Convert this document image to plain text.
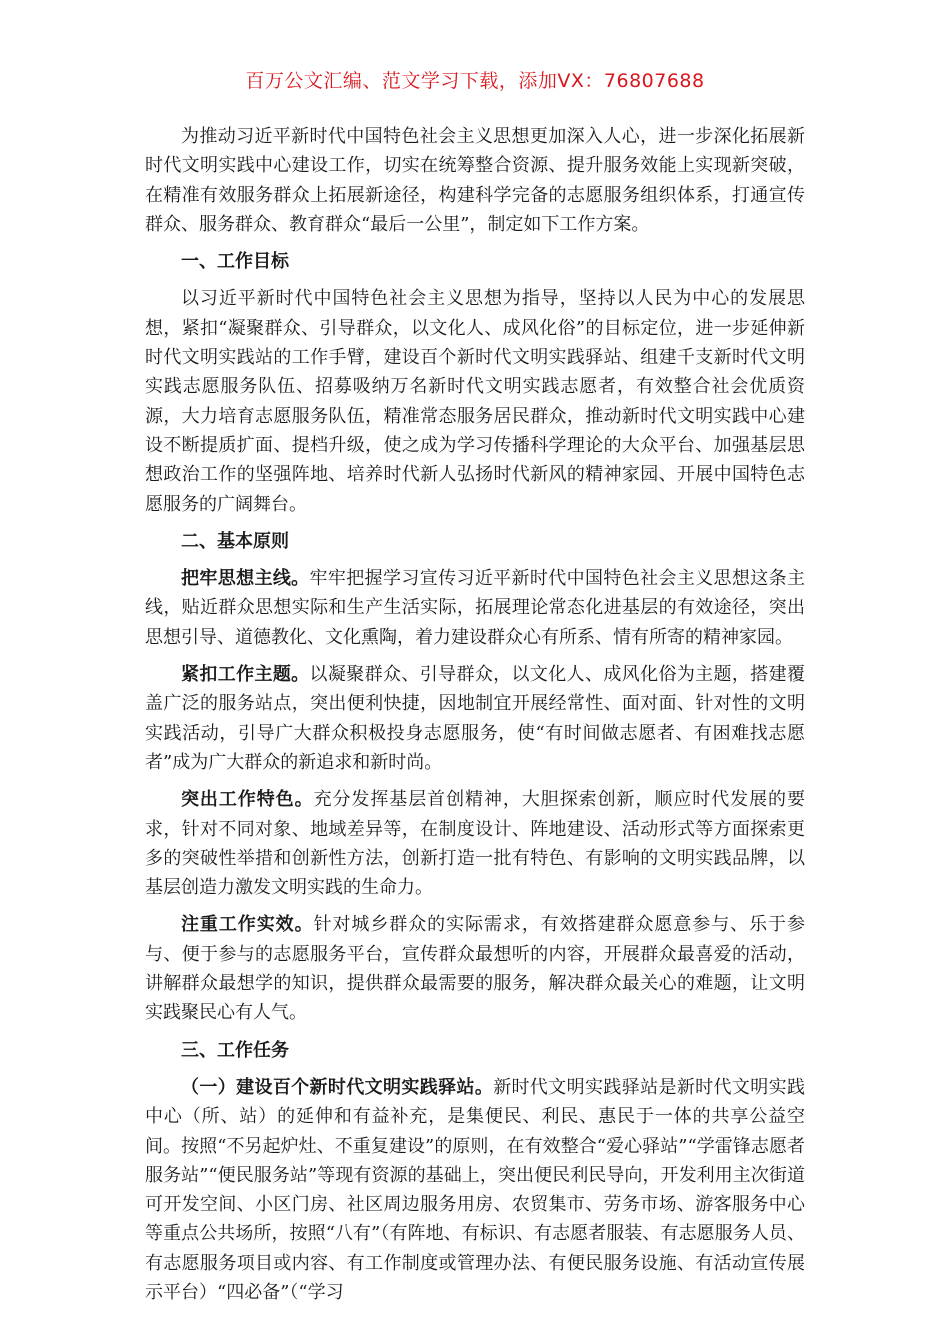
百万公文汇编、范文学习下载，添加VX：76807688

为推动习近平新时代中国特色社会主义思想更加深入人心，进一步深化拓展新时代文明实践中心建设工作，切实在统筹整合资源、提升服务效能上实现新突破，在精准有效服务群众上拓展新途径，构建科学完备的志愿服务组织体系，打通宣传群众、服务群众、教育群众“最后一公里”，制定如下工作方案。

一、工作目标

以习近平新时代中国特色社会主义思想为指导，坚持以人民为中心的发展思想，紧扣“凝聚群众、引导群众，以文化人、成风化俗”的目标定位，进一步延伸新时代文明实践站的工作手臂，建设百个新时代文明实践驿站、组建千支新时代文明实践志愿服务队伍、招募吸纳万名新时代文明实践志愿者，有效整合社会优质资源，大力培育志愿服务队伍，精准常态服务居民群众，推动新时代文明实践中心建设不断提质扩面、提档升级，使之成为学习传播科学理论的大众平台、加强基层思想政治工作的坚强阵地、培养时代新人弘扬时代新风的精神家园、开展中国特色志愿服务的广阔舞台。

二、基本原则

把牢思想主线。牢牢把握学习宣传习近平新时代中国特色社会主义思想这条主线，贴近群众思想实际和生产生活实际，拓展理论常态化进基层的有效途径，突出思想引导、道德教化、文化熏陶，着力建设群众心有所系、情有所寄的精神家园。

紧扣工作主题。以凝聚群众、引导群众，以文化人、成风化俗为主题，搭建覆盖广泛的服务站点，突出便利快捷，因地制宜开展经常性、面对面、针对性的文明实践活动，引导广大群众积极投身志愿服务，使“有时间做志愿者、有困难找志愿者”成为广大群众的新追求和新时尚。

突出工作特色。充分发挥基层首创精神，大胆探索创新，顺应时代发展的要求，针对不同对象、地域差异等，在制度设计、阵地建设、活动形式等方面探索更多的突破性举措和创新性方法，创新打造一批有特色、有影响的文明实践品牌，以基层创造力激发文明实践的生命力。

注重工作实效。针对城乡群众的实际需求，有效搭建群众愿意参与、乐于参与、便于参与的志愿服务平台，宣传群众最想听的内容，开展群众最喜爱的活动，讲解群众最想学的知识，提供群众最需要的服务，解决群众最关心的难题，让文明实践聚民心有人气。

三、工作任务

（一）建设百个新时代文明实践驿站。新时代文明实践驿站是新时代文明实践中心（所、站）的延伸和有益补充，是集便民、利民、惠民于一体的共享公益空间。按照“不另起炉灶、不重复建设”的原则，在有效整合“爱心驿站”“学雷锋志愿者服务站”“便民服务站”等现有资源的基础上，突出便民利民导向，开发利用主次街道可开发空间、小区门房、社区周边服务用房、农贸集市、劳务市场、游客服务中心等重点公共场所，按照“八有”（有阵地、有标识、有志愿者服装、有志愿服务人员、有志愿服务项目或内容、有工作制度或管理办法、有便民服务设施、有活动宣传展示平台）“四必备”（“学习
